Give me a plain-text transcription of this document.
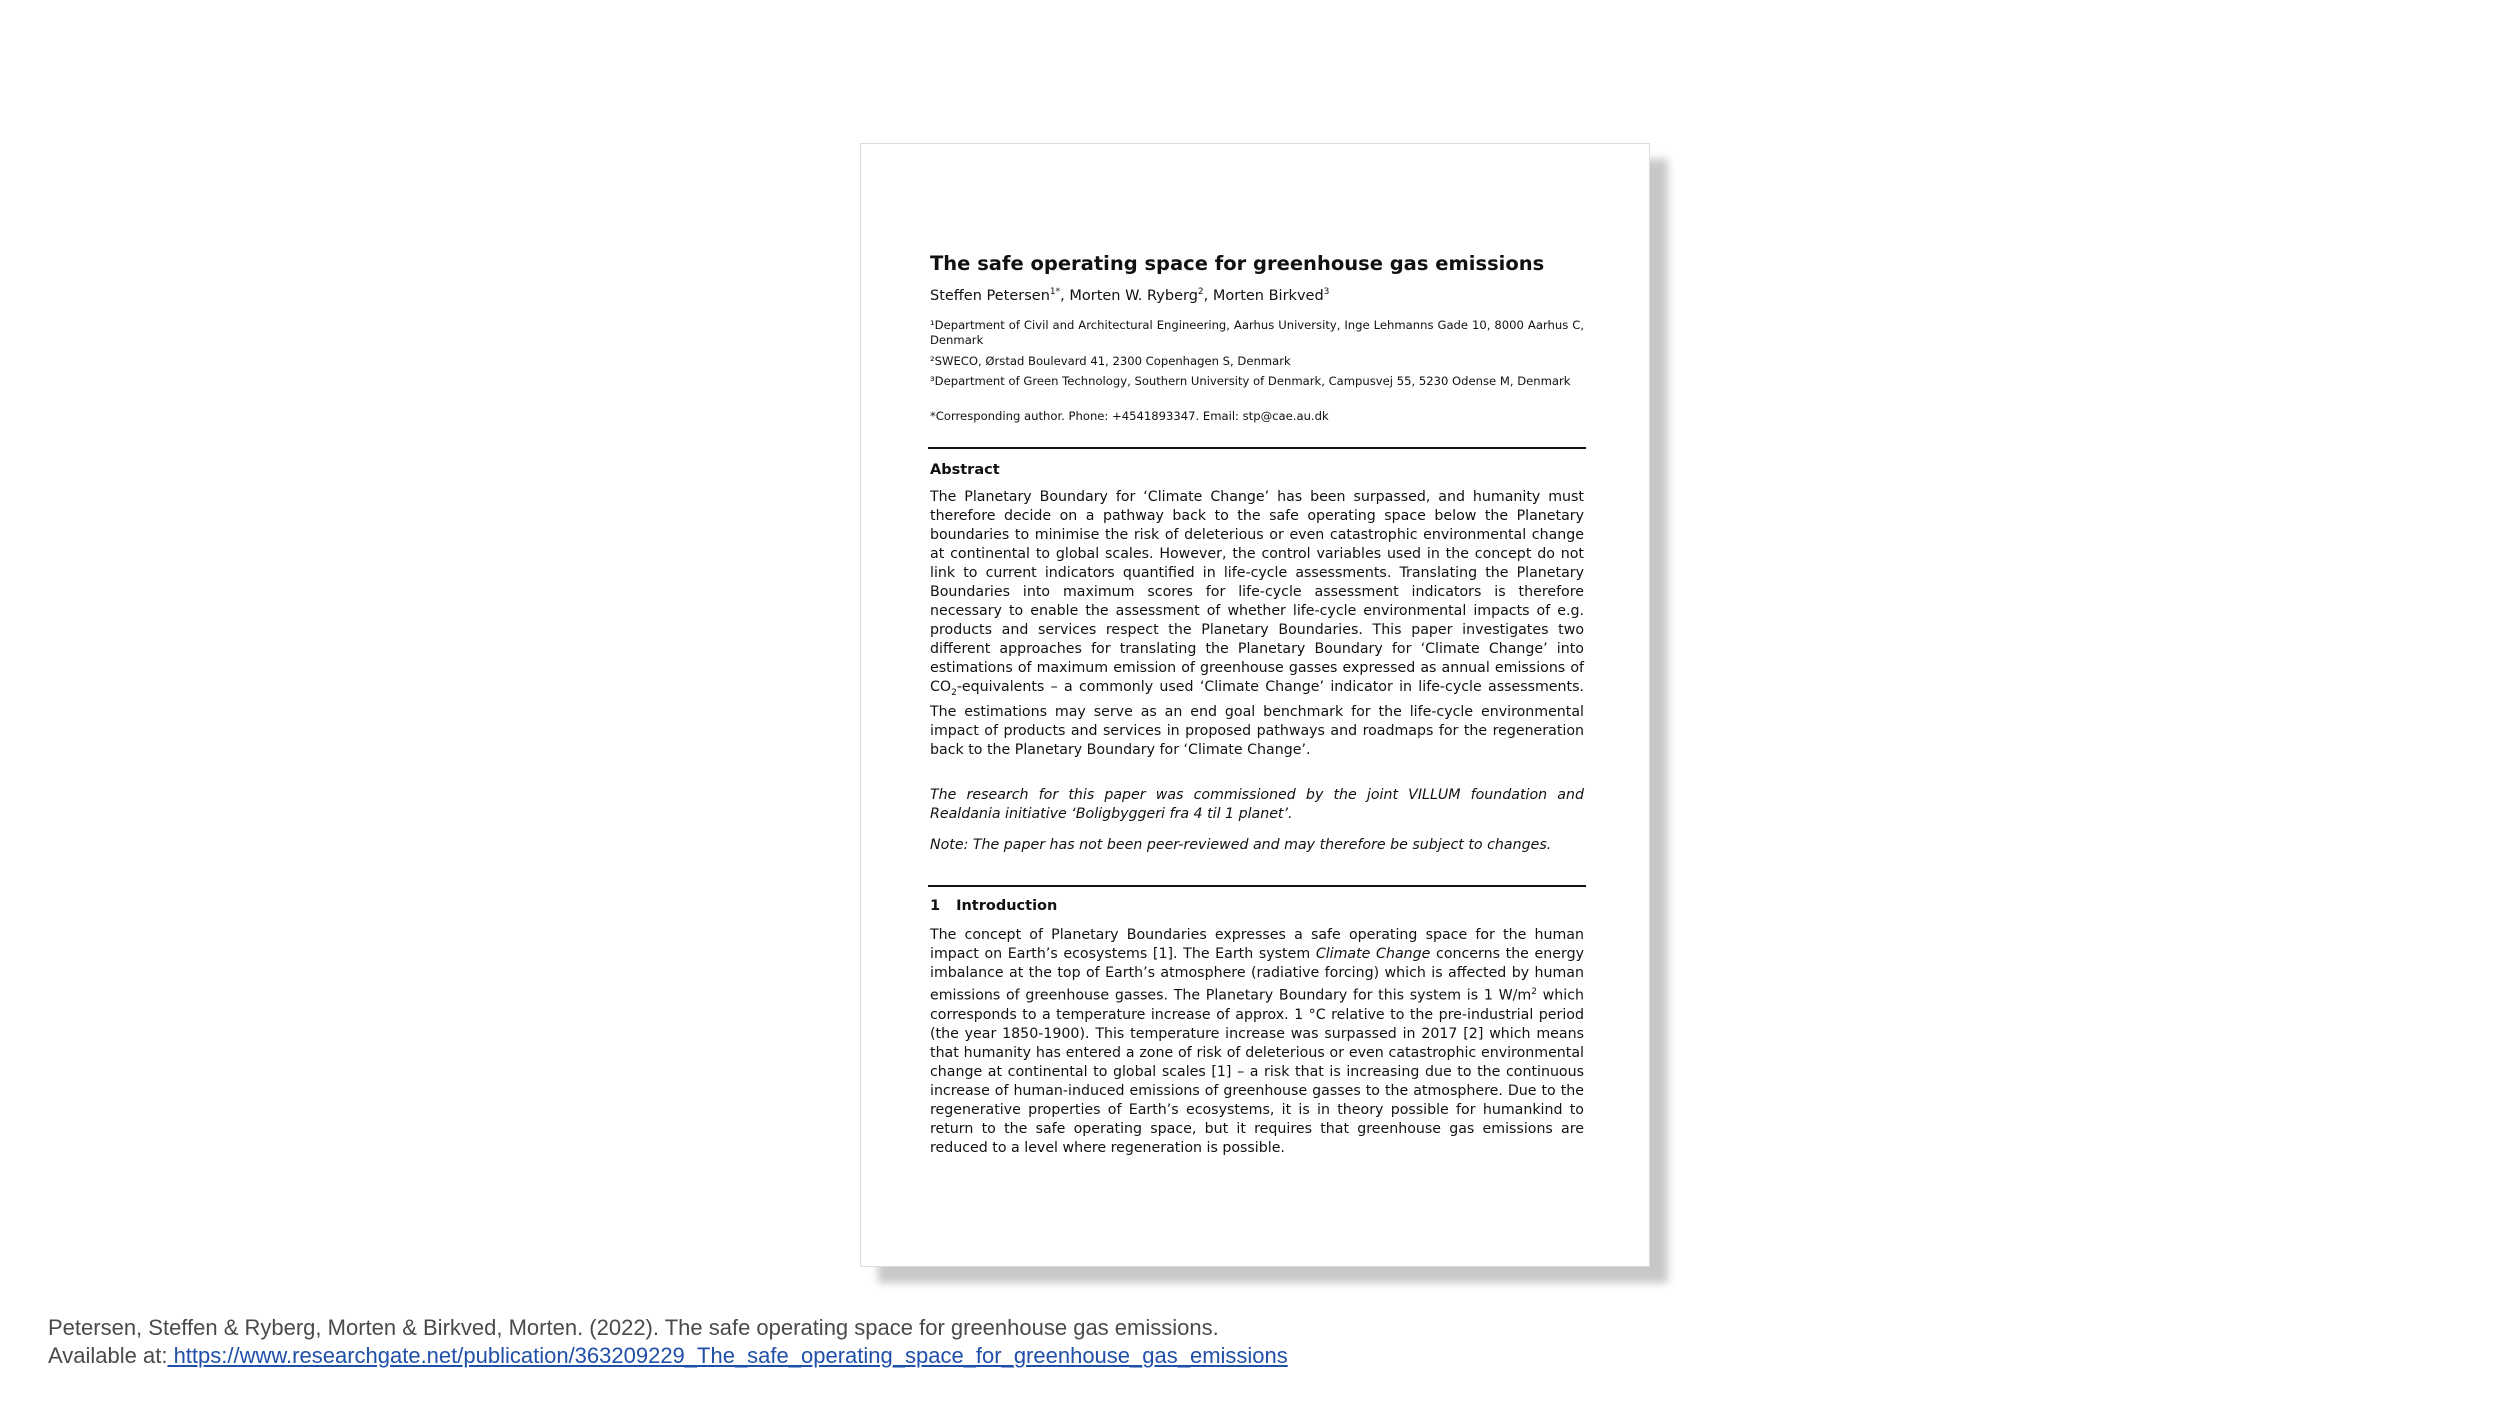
The safe operating space for greenhouse gas emissions
Steffen Petersen$^{1*}$, Morten W. Ryberg$^2$, Morten Birkved$^3$
¹Department of Civil and Architectural Engineering, Aarhus University, Inge Lehmanns Gade 10, 8000 Aarhus C, Denmark
²SWECO, Ørstad Boulevard 41, 2300 Copenhagen S, Denmark
³Department of Green Technology, Southern University of Denmark, Campusvej 55, 5230 Odense M, Denmark
*Corresponding author. Phone: +4541893347. Email: stp@cae.au.dk
Abstract

The Planetary Boundary for ‘Climate Change’ has been surpassed, and humanity must therefore decide on a pathway back to the safe operating space below the Planetary boundaries to minimise the risk of deleterious or even catastrophic environmental change at continental to global scales. However, the control variables used in the concept do not link to current indicators quantified in life-cycle assessments. Translating the Planetary Boundaries into maximum scores for life-cycle assessment indicators is therefore necessary to enable the assessment of whether life-cycle environmental impacts of e.g. products and services respect the Planetary Boundaries. This paper investigates two different approaches for translating the Planetary Boundary for ‘Climate Change’ into estimations of maximum emission of greenhouse gasses expressed as annual emissions of $CO_2$-equivalents – a commonly used ‘Climate Change’ indicator in life-cycle assessments. The estimations may serve as an end goal benchmark for the life-cycle environmental impact of products and services in proposed pathways and roadmaps for the regeneration back to the Planetary Boundary for ‘Climate Change’.

The research for this paper was commissioned by the joint VILLUM foundation and Realdania initiative ‘Boligbyggeri fra 4 til 1 planet’.

Note: The paper has not been peer-reviewed and may therefore be subject to changes.

1 Introduction

The concept of Planetary Boundaries expresses a safe operating space for the human impact on Earth’s ecosystems [1]. The Earth system Climate Change concerns the energy imbalance at the top of Earth’s atmosphere (radiative forcing) which is affected by human emissions of greenhouse gasses. The Planetary Boundary for this system is 1 $W/m^2$ which corresponds to a temperature increase of approx. 1 °C relative to the pre-industrial period (the year 1850-1900). This temperature increase was surpassed in 2017 [2] which means that humanity has entered a zone of risk of deleterious or even catastrophic environmental change at continental to global scales [1] – a risk that is increasing due to the continuous increase of human-induced emissions of greenhouse gasses to the atmosphere. Due to the regenerative properties of Earth’s ecosystems, it is in theory possible for humankind to return to the safe operating space, but it requires that greenhouse gas emissions are reduced to a level where regeneration is possible.

Petersen, Steffen & Ryberg, Morten & Birkved, Morten. (2022). The safe operating space for greenhouse gas emissions.
Available at: https://www.researchgate.net/publication/363209229_The_safe_operating_space_for_greenhouse_gas_emissions
